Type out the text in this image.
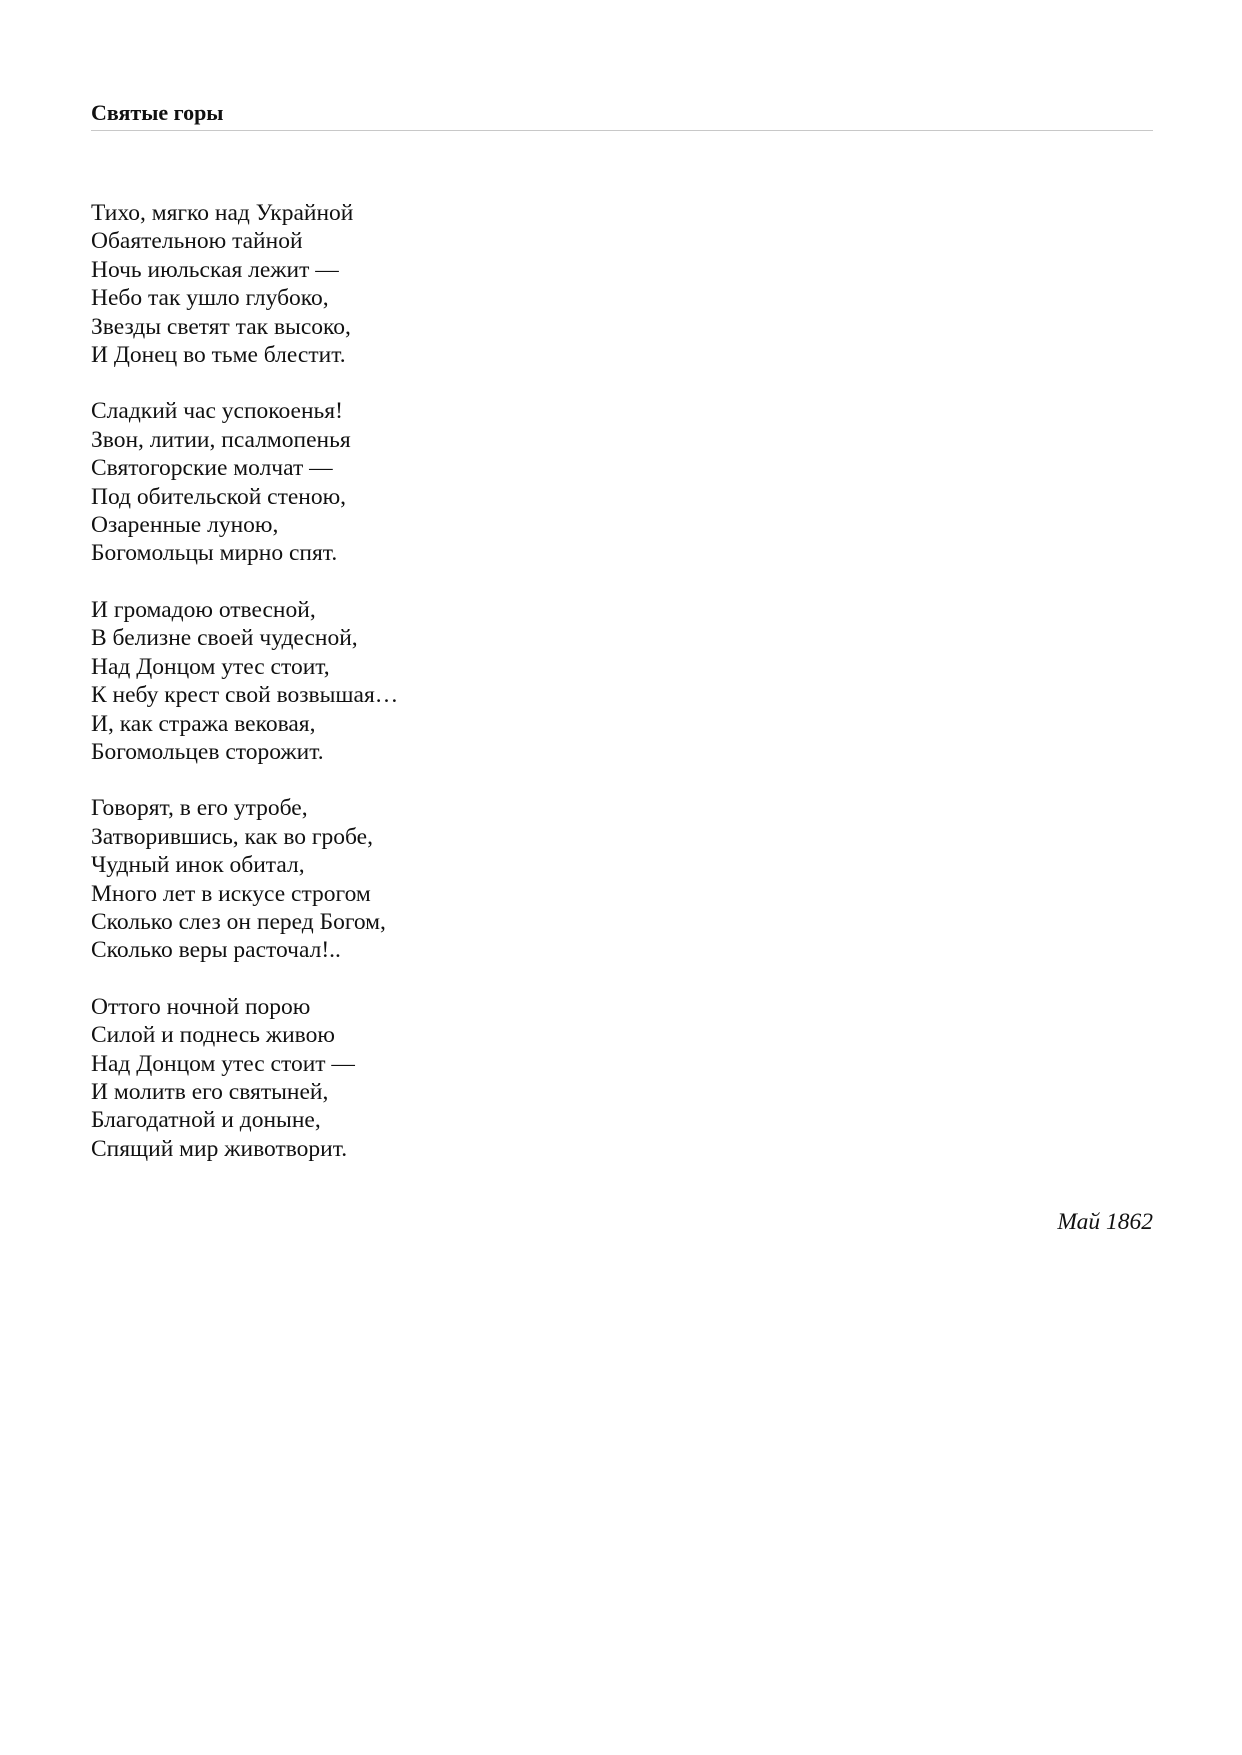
Святые горы
Тихо, мягко над Украйной
Обаятельною тайной
Ночь июльская лежит —
Небо так ушло глубоко,
Звезды светят так высоко,
И Донец во тьме блестит.
Сладкий час успокоенья!
Звон, литии, псалмопенья
Святогорские молчат —
Под обительской стеною,
Озаренные луною,
Богомольцы мирно спят.
И громадою отвесной,
В белизне своей чудесной,
Над Донцом утес стоит,
К небу крест свой возвышая…
И, как стража вековая,
Богомольцев сторожит.
Говорят, в его утробе,
Затворившись, как во гробе,
Чудный инок обитал,
Много лет в искусе строгом
Сколько слез он перед Богом,
Сколько веры расточал!..
Оттого ночной порою
Силой и поднесь живою
Над Донцом утес стоит —
И молитв его святыней,
Благодатной и доныне,
Спящий мир животворит.
Май 1862
